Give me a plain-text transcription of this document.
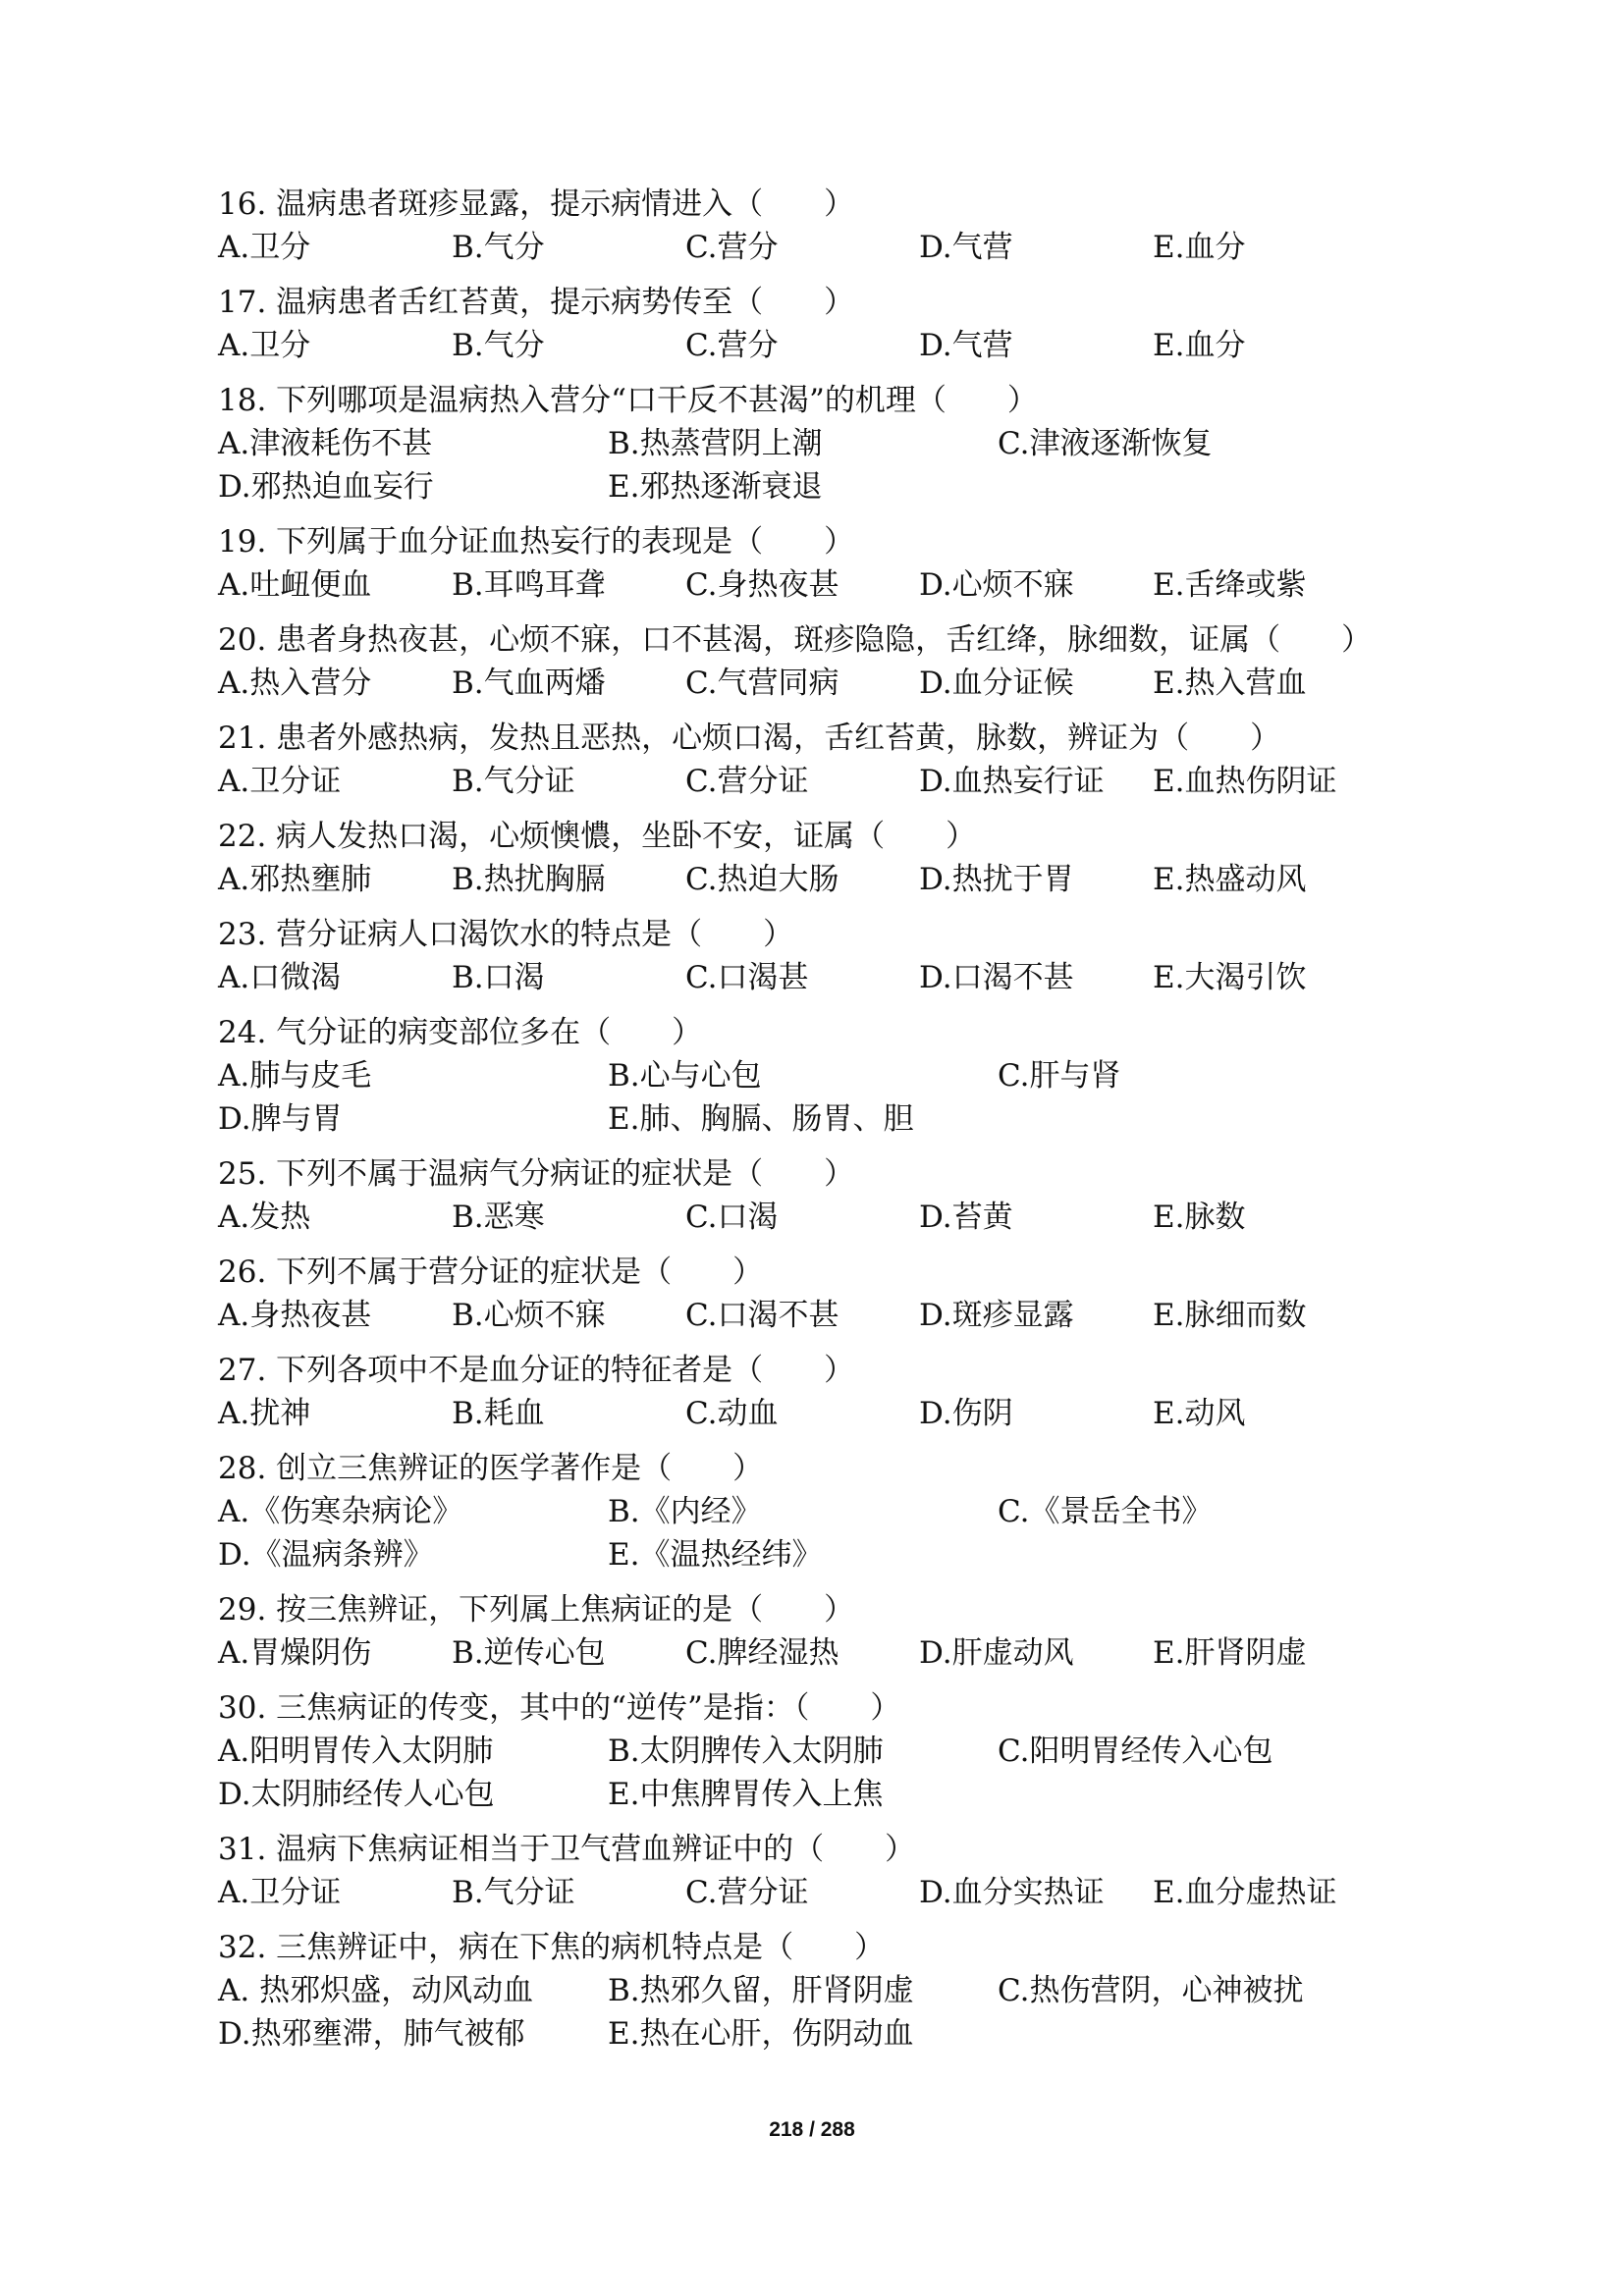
16. 温病患者斑疹显露，提示病情进入（　　）
A.卫分	B.气分	C.营分	D.气营	E.血分
17. 温病患者舌红苔黄，提示病势传至（　　）
A.卫分	B.气分	C.营分	D.气营	E.血分
18. 下列哪项是温病热入营分“口干反不甚渴”的机理（　　）
A.津液耗伤不甚	B.热蒸营阴上潮	C.津液逐渐恢复
D.邪热迫血妄行	E.邪热逐渐衰退
19. 下列属于血分证血热妄行的表现是（　　）
A.吐衄便血	B.耳鸣耳聋	C.身热夜甚	D.心烦不寐	E.舌绛或紫
20. 患者身热夜甚，心烦不寐，口不甚渴，斑疹隐隐，舌红绛，脉细数，证属（　　）
A.热入营分	B.气血两燔	C.气营同病	D.血分证候	E.热入营血
21. 患者外感热病，发热且恶热，心烦口渴，舌红苔黄，脉数，辨证为（　　）
A.卫分证	B.气分证	C.营分证	D.血热妄行证 E.血热伤阴证
22. 病人发热口渴，心烦懊憹，坐卧不安，证属（　　）
A.邪热壅肺	B.热扰胸膈	C.热迫大肠	D.热扰于胃	E.热盛动风
23. 营分证病人口渴饮水的特点是（　　）
A.口微渴	B.口渴	C.口渴甚	D.口渴不甚	E.大渴引饮
24. 气分证的病变部位多在（　　）
A.肺与皮毛	B.心与心包	C.肝与肾
D.脾与胃	E.肺、胸膈、肠胃、胆
25. 下列不属于温病气分病证的症状是（　　）
A.发热	B.恶寒	C.口渴	D.苔黄	E.脉数
26. 下列不属于营分证的症状是（　　）
A.身热夜甚	B.心烦不寐	C.口渴不甚	D.斑疹显露	E.脉细而数
27. 下列各项中不是血分证的特征者是（　　）
A.扰神	B.耗血	C.动血	D.伤阴	E.动风
28. 创立三焦辨证的医学著作是（　　）
A.《伤寒杂病论》	B.《内经》	C.《景岳全书》
D.《温病条辨》	E.《温热经纬》
29. 按三焦辨证，下列属上焦病证的是（　　）
A.胃燥阴伤	B.逆传心包	C.脾经湿热	D.肝虚动风	E.肝肾阴虚
30. 三焦病证的传变，其中的“逆传”是指：（　　）
A.阳明胃传入太阴肺	B.太阴脾传入太阴肺	C.阳明胃经传入心包
D.太阴肺经传人心包	E.中焦脾胃传入上焦
31. 温病下焦病证相当于卫气营血辨证中的（　　）
A.卫分证	B.气分证	C.营分证	D.血分实热证 E.血分虚热证
32. 三焦辨证中，病在下焦的病机特点是（　　）
A. 热邪炽盛，动风动血 B.热邪久留，肝肾阴虚	C.热伤营阴，心神被扰
D.热邪壅滞，肺气被郁	E.热在心肝，伤阴动血
218 / 288
